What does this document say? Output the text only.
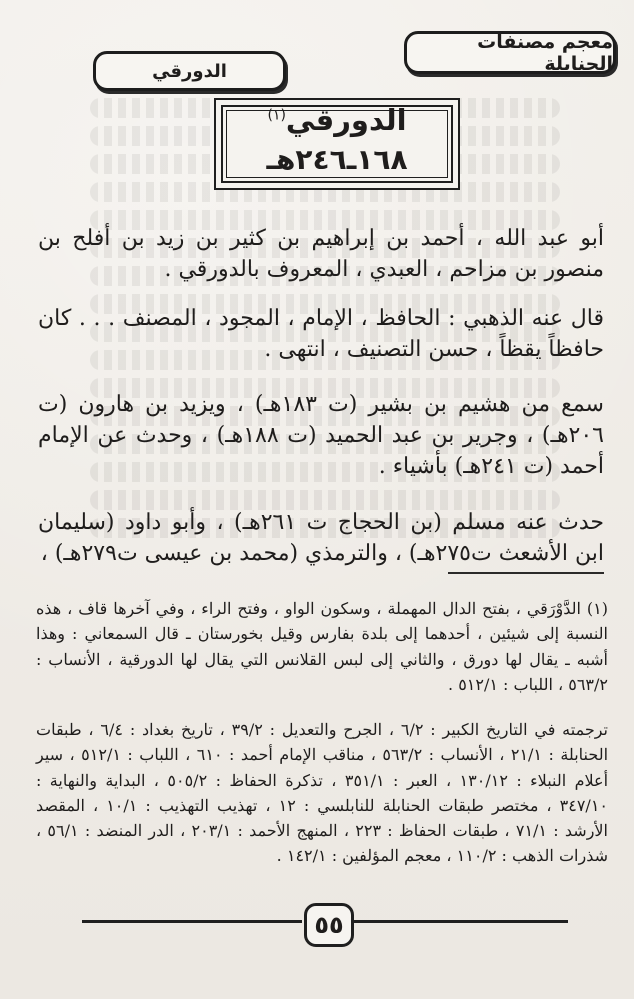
معجم مصنفات الحنابلة
الدورقي
الدورقي$^{(١)}$
١٦٨ـ٢٤٦هـ

أبو عبد الله ، أحمد بن إبراهيم بن كثير بن زيد بن أفلح بن منصور بن مزاحم ، العبدي ، المعروف بالدورقي .

قال عنه الذهبي : الحافظ ، الإمام ، المجود ، المصنف . . . كان حافظاً يقظاً ، حسن التصنيف ، انتهى .

سمع من هشيم بن بشير (ت ١٨٣هـ) ، ويزيد بن هارون (ت ٢٠٦هـ) ، وجرير بن عبد الحميد (ت ١٨٨هـ) ، وحدث عن الإمام أحمد (ت ٢٤١هـ) بأشياء .

حدث عنه مسلم (بن الحجاج ت ٢٦١هـ) ، وأبو داود (سليمان ابن الأشعث ت٢٧٥هـ) ، والترمذي (محمد بن عيسى ت٢٧٩هـ) ،

(١) الدَّوْرَقي ، بفتح الدال المهملة ، وسكون الواو ، وفتح الراء ، وفي آخرها قاف ، هذه النسبة إلى شيئين ، أحدهما إلى بلدة بفارس وقيل بخورستان ـ قال السمعاني : وهذا أشبه ـ يقال لها دورق ، والثاني إلى لبس القلانس التي يقال لها الدورقية ، الأنساب : ٥٦٣/٢ ، اللباب : ٥١٢/١ .

ترجمته في التاريخ الكبير : ٦/٢ ، الجرح والتعديل : ٣٩/٢ ، تاريخ بغداد : ٦/٤ ، طبقات الحنابلة : ٢١/١ ، الأنساب : ٥٦٣/٢ ، مناقب الإمام أحمد : ٦١٠ ، اللباب : ٥١٢/١ ، سير أعلام النبلاء : ١٣٠/١٢ ، العبر : ٣٥١/١ ، تذكرة الحفاظ : ٥٠٥/٢ ، البداية والنهاية : ٣٤٧/١٠ ، مختصر طبقات الحنابلة للنابلسي : ١٢ ، تهذيب التهذيب : ١٠/١ ، المقصد الأرشد : ٧١/١ ، طبقات الحفاظ : ٢٢٣ ، المنهج الأحمد : ٢٠٣/١ ، الدر المنضد : ٥٦/١ ، شذرات الذهب : ١١٠/٢ ، معجم المؤلفين : ١٤٢/١ .

٥٥
